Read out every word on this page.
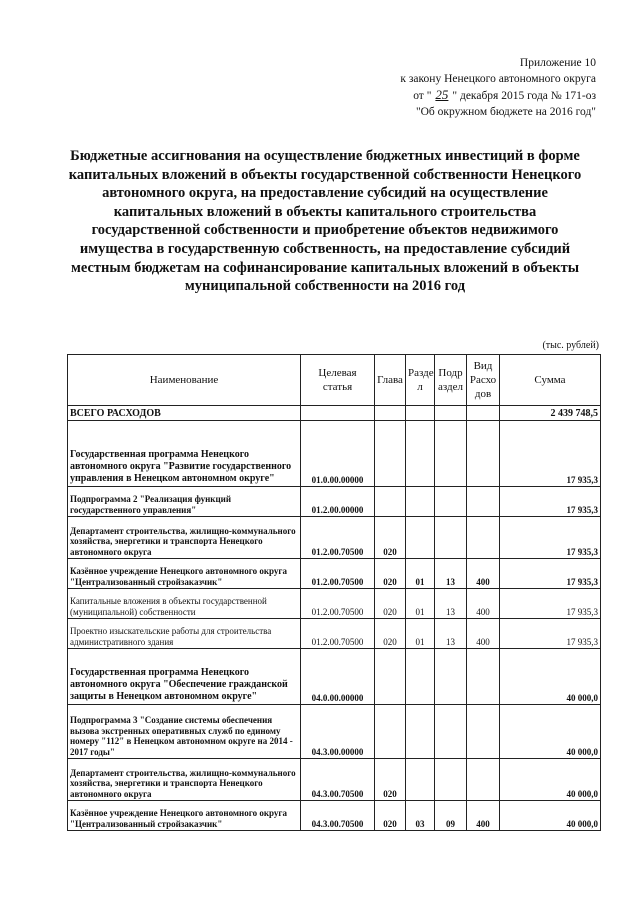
Приложение 10
к закону Ненецкого автономного округа
от " 25 " декабря 2015 года № 171-оз
"Об окружном бюджете на 2016 год"
Бюджетные ассигнования на осуществление бюджетных инвестиций в форме капитальных вложений в объекты государственной собственности Ненецкого автономного округа, на предоставление субсидий на осуществление капитальных вложений в объекты капитального строительства государственной собственности и приобретение объектов недвижимого имущества в государственную собственность, на предоставление субсидий местным бюджетам на софинансирование капитальных вложений в объекты муниципальной собственности на 2016 год
(тыс. рублей)
Наименование	Целевая статья	Глава	Разде л	Подр аздел	Вид Расхо дов	Сумма
ВСЕГО РАСХОДОВ						2 439 748,5
Государственная программа Ненецкого автономного округа "Развитие государственного управления в Ненецком автономном округе"	01.0.00.00000					17 935,3
Подпрограмма 2 "Реализация функций государственного управления"	01.2.00.00000					17 935,3
Департамент строительства, жилищно-коммунального хозяйства, энергетики и транспорта Ненецкого автономного округа	01.2.00.70500	020				17 935,3
Казённое учреждение Ненецкого автономного округа "Централизованный стройзаказчик"	01.2.00.70500	020	01	13	400	17 935,3
Капитальные вложения в объекты государственной (муниципальной) собственности	01.2.00.70500	020	01	13	400	17 935,3
Проектно изыскательские работы для строительства административного здания	01.2.00.70500	020	01	13	400	17 935,3
Государственная программа Ненецкого автономного округа "Обеспечение гражданской защиты в Ненецком автономном округе"	04.0.00.00000					40 000,0
Подпрограмма 3 "Создание системы обеспечения вызова экстренных оперативных служб по единому номеру "112" в Ненецком автономном округе на 2014 - 2017 годы"	04.3.00.00000					40 000,0
Департамент строительства, жилищно-коммунального хозяйства, энергетики и транспорта Ненецкого автономного округа	04.3.00.70500	020				40 000,0
Казённое учреждение Ненецкого автономного округа "Централизованный стройзаказчик"	04.3.00.70500	020	03	09	400	40 000,0
